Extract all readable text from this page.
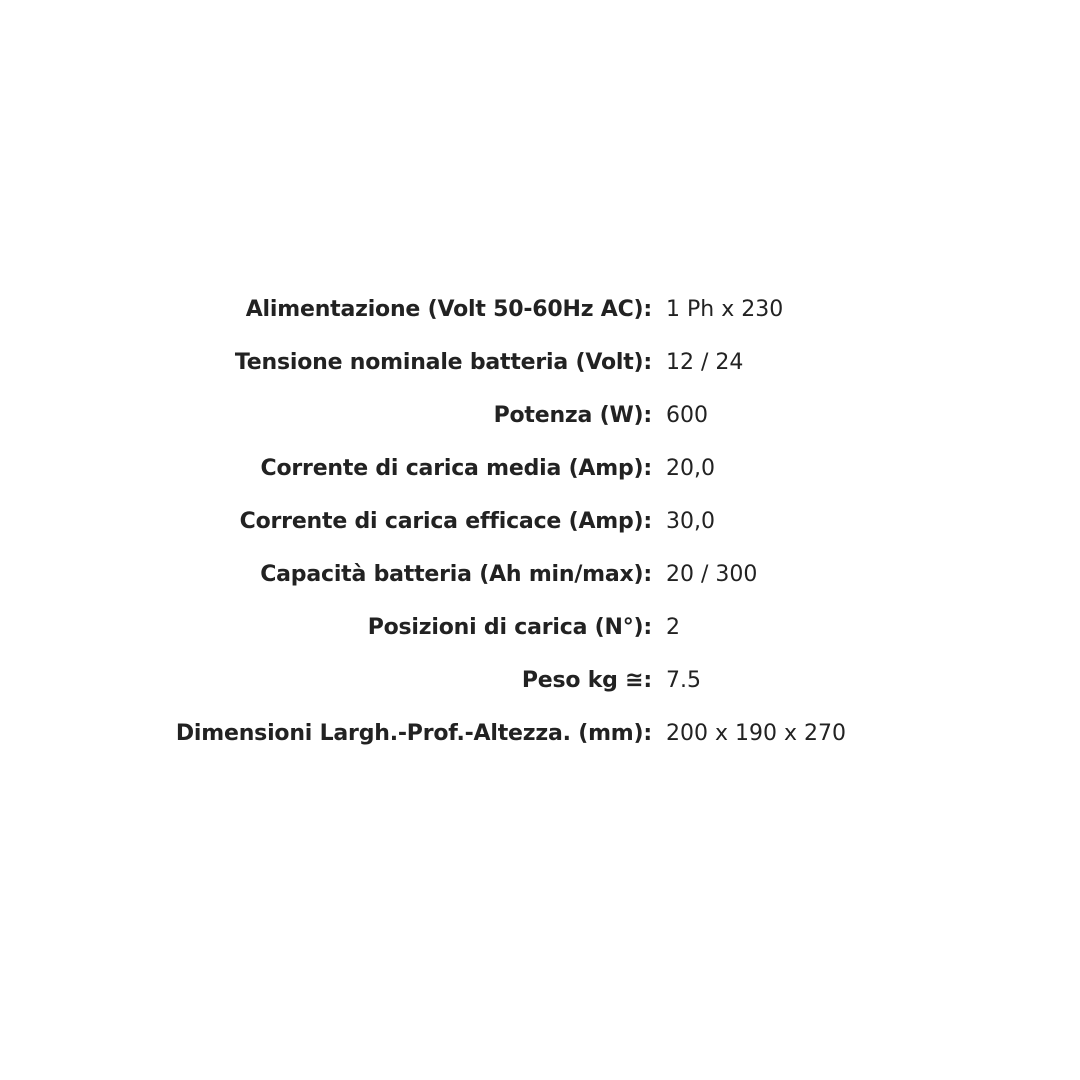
Alimentazione (Volt 50-60Hz AC): 1 Ph x 230
Tensione nominale batteria (Volt): 12 / 24
Potenza (W): 600
Corrente di carica media (Amp): 20,0
Corrente di carica efficace (Amp): 30,0
Capacità batteria (Ah min/max): 20 / 300
Posizioni di carica (N°): 2
Peso kg ≅: 7.5
Dimensioni Largh.-Prof.-Altezza. (mm): 200 x 190 x 270
